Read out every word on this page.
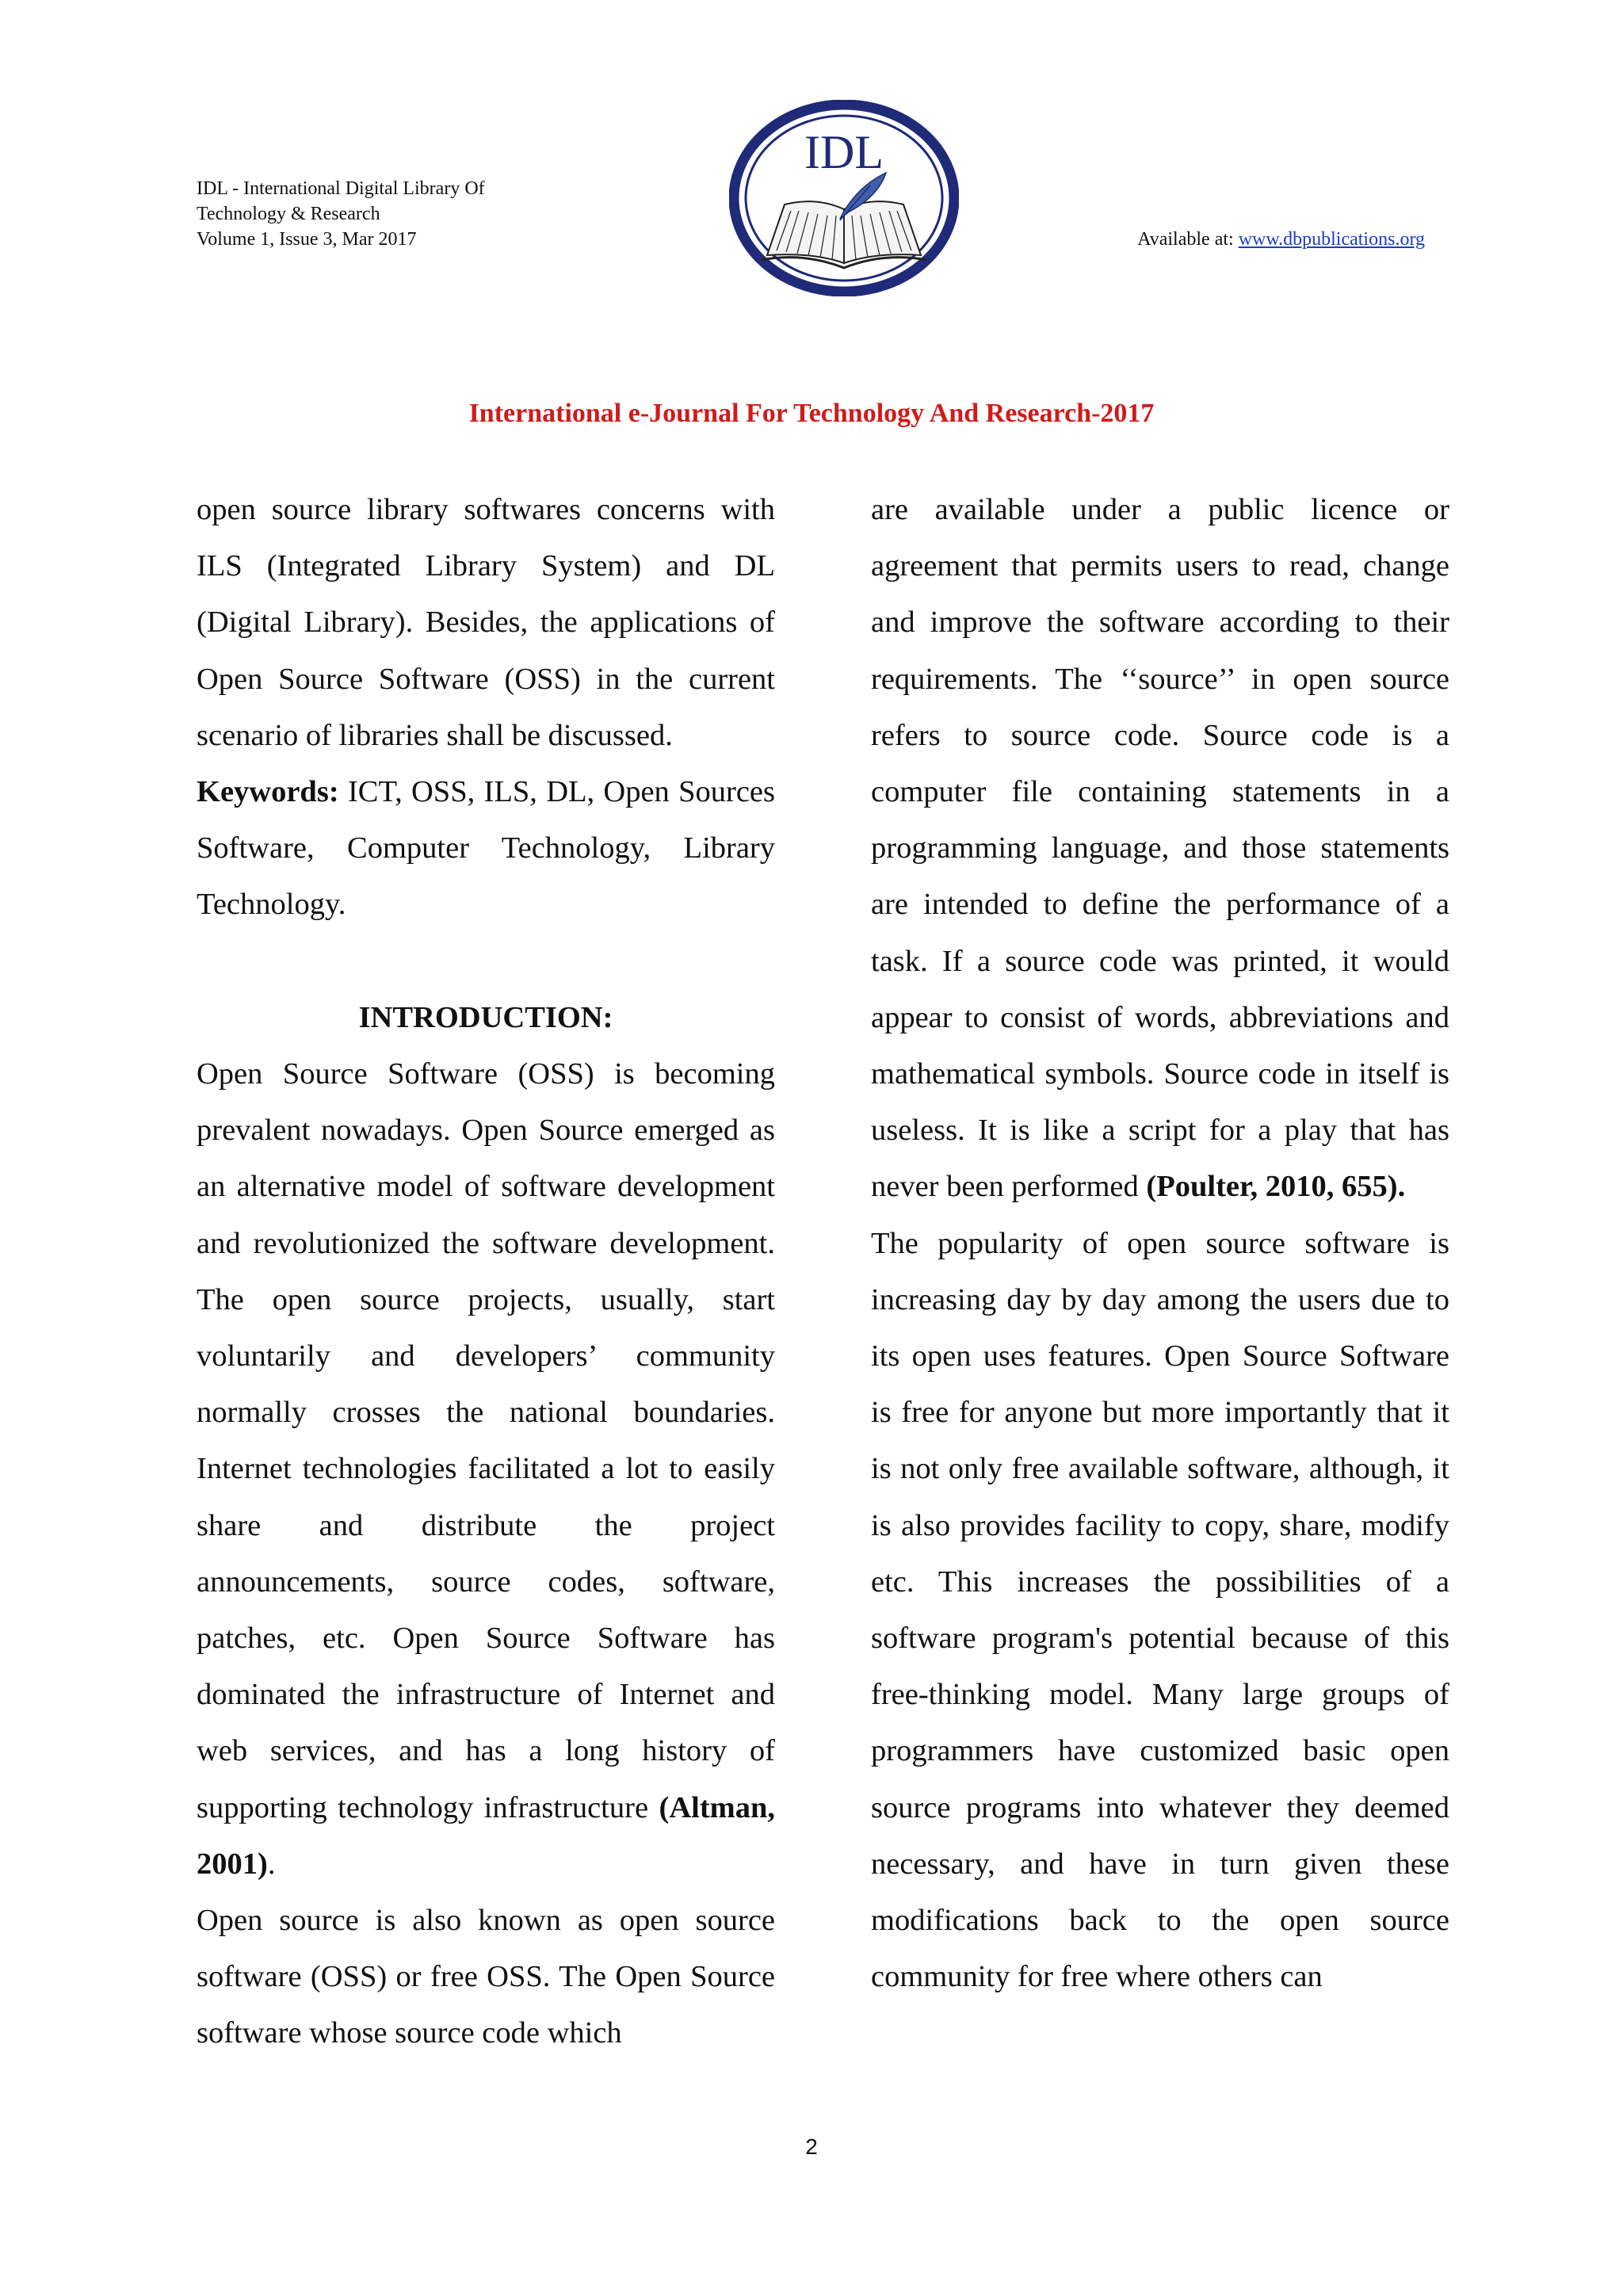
IDL - International Digital Library Of
Technology & Research
Volume 1, Issue 3, Mar 2017
IDL
Available at: www.dbpublications.org
International e-Journal For Technology And Research-2017

open source library softwares concerns with ILS (Integrated Library System) and DL (Digital Library). Besides, the applications of Open Source Software (OSS) in the current scenario of libraries shall be discussed.

Keywords: ICT, OSS, ILS, DL, Open Sources Software, Computer Technology, Library Technology.

INTRODUCTION:

Open Source Software (OSS) is becoming prevalent nowadays. Open Source emerged as an alternative model of software development and revolutionized the software development. The open source projects, usually, start voluntarily and developers’ community normally crosses the national boundaries. Internet technologies facilitated a lot to easily share and distribute the project announcements, source codes, software, patches, etc. Open Source Software has dominated the infrastructure of Internet and web services, and has a long history of supporting technology infrastructure (Altman, 2001).

Open source is also known as open source software (OSS) or free OSS. The Open Source software whose source code which

are available under a public licence or agreement that permits users to read, change and improve the software according to their requirements. The ‘‘source’’ in open source refers to source code. Source code is a computer file containing statements in a programming language, and those statements are intended to define the performance of a task. If a source code was printed, it would appear to consist of words, abbreviations and mathematical symbols. Source code in itself is useless. It is like a script for a play that has never been performed (Poulter, 2010, 655).

The popularity of open source software is increasing day by day among the users due to its open uses features. Open Source Software is free for anyone but more importantly that it is not only free available software, although, it is also provides facility to copy, share, modify etc. This increases the possibilities of a software program's potential because of this free-thinking model. Many large groups of programmers have customized basic open source programs into whatever they deemed necessary, and have in turn given these modifications back to the open source community for free where others can

2
